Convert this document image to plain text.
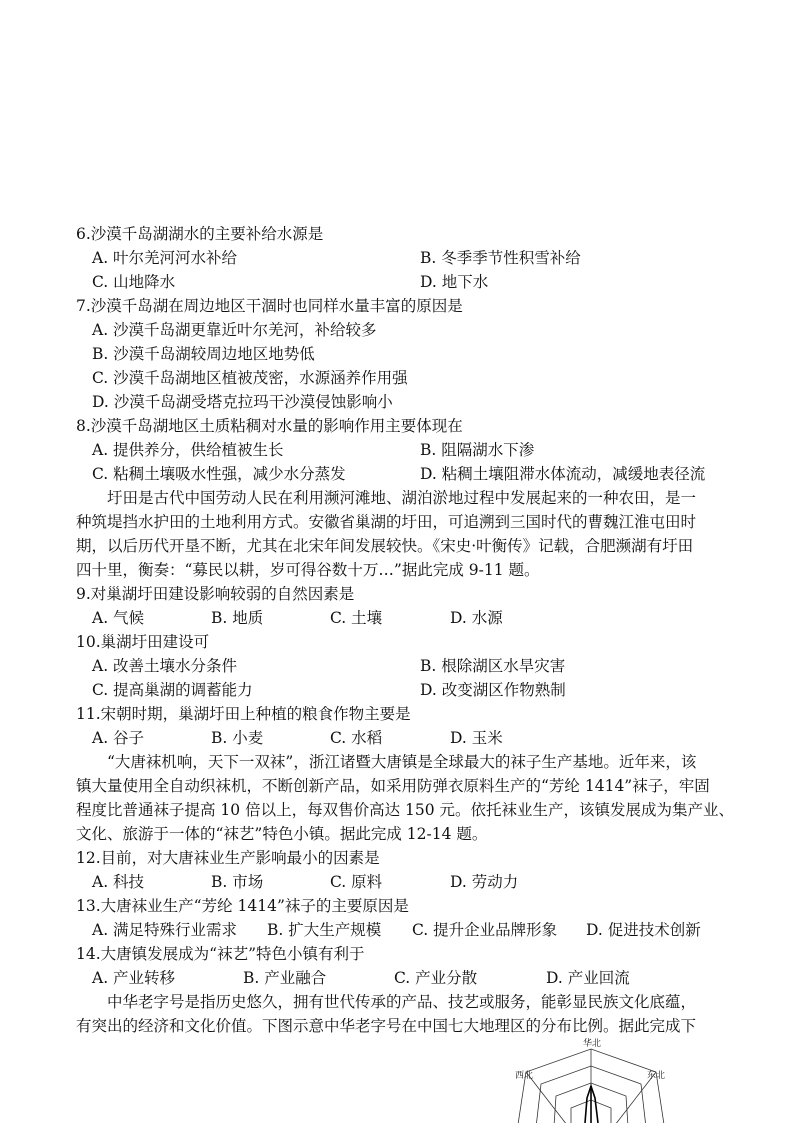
6.沙漠千岛湖湖水的主要补给水源是
A. 叶尔羌河河水补给	B. 冬季季节性积雪补给
C. 山地降水	D. 地下水
7.沙漠千岛湖在周边地区干涸时也同样水量丰富的原因是
A. 沙漠千岛湖更靠近叶尔羌河，补给较多
B. 沙漠千岛湖较周边地区地势低
C. 沙漠千岛湖地区植被茂密，水源涵养作用强
D. 沙漠千岛湖受塔克拉玛干沙漠侵蚀影响小
8.沙漠千岛湖地区土质粘稠对水量的影响作用主要体现在
A. 提供养分，供给植被生长	B. 阻隔湖水下渗
C. 粘稠土壤吸水性强，减少水分蒸发	D. 粘稠土壤阻滞水体流动，减缓地表径流
圩田是古代中国劳动人民在利用濒河滩地、湖泊淤地过程中发展起来的一种农田，是一
种筑堤挡水护田的土地利用方式。安徽省巢湖的圩田，可追溯到三国时代的曹魏江淮屯田时
期，以后历代开垦不断，尤其在北宋年间发展较快。《宋史·叶衡传》记载，合肥濒湖有圩田
四十里，衡奏：“募民以耕，岁可得谷数十万…”据此完成 9-11 题。
9.对巢湖圩田建设影响较弱的自然因素是
A. 气候	B. 地质	C. 土壤	D. 水源
10.巢湖圩田建设可
A. 改善土壤水分条件	B. 根除湖区水旱灾害
C. 提高巢湖的调蓄能力	D. 改变湖区作物熟制
11.宋朝时期，巢湖圩田上种植的粮食作物主要是
A. 谷子	B. 小麦	C. 水稻	D. 玉米
“大唐袜机响，天下一双袜”，浙江诸暨大唐镇是全球最大的袜子生产基地。近年来，该
镇大量使用全自动织袜机，不断创新产品，如采用防弹衣原料生产的“芳纶 1414”袜子，牢固
程度比普通袜子提高 10 倍以上，每双售价高达 150 元。依托袜业生产，该镇发展成为集产业、
文化、旅游于一体的“袜艺”特色小镇。据此完成 12-14 题。
12.目前，对大唐袜业生产影响最小的因素是
A. 科技	B. 市场	C. 原料	D. 劳动力
13.大唐袜业生产“芳纶 1414”袜子的主要原因是
A. 满足特殊行业需求 B. 扩大生产规模 C. 提升企业品牌形象 D. 促进技术创新
14.大唐镇发展成为“袜艺”特色小镇有利于
A. 产业转移	B. 产业融合	C. 产业分散	D. 产业回流
中华老字号是指历史悠久，拥有世代传承的产品、技艺或服务，能彰显民族文化底蕴，
有突出的经济和文化价值。下图示意中华老字号在中国七大地理区的分布比例。据此完成下
华北
西北	东北
